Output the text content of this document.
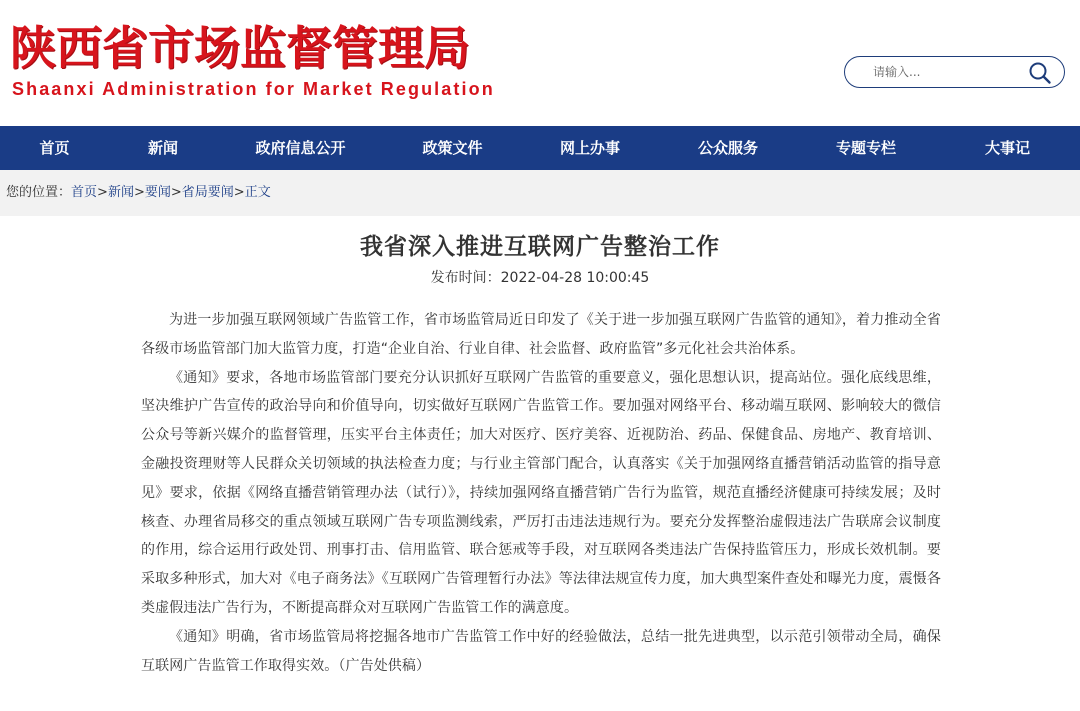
陕西省市场监督管理局
Shaanxi Administration for Market Regulation
请输入...
首页	新闻	政府信息公开	政策文件	网上办事	公众服务	专题专栏	大事记
您的位置：首页>新闻>要闻>省局要闻>正文
我省深入推进互联网广告整治工作
发布时间：2022-04-28 10:00:45

为进一步加强互联网领域广告监管工作，省市场监管局近日印发了《关于进一步加强互联网广告监管的通知》，着力推动全省各级市场监管部门加大监管力度，打造“企业自治、行业自律、社会监督、政府监管”多元化社会共治体系。

《通知》要求，各地市场监管部门要充分认识抓好互联网广告监管的重要意义，强化思想认识，提高站位。强化底线思维，坚决维护广告宣传的政治导向和价值导向，切实做好互联网广告监管工作。要加强对网络平台、移动端互联网、影响较大的微信公众号等新兴媒介的监督管理，压实平台主体责任；加大对医疗、医疗美容、近视防治、药品、保健食品、房地产、教育培训、金融投资理财等人民群众关切领域的执法检查力度；与行业主管部门配合，认真落实《关于加强网络直播营销活动监管的指导意见》要求，依据《网络直播营销管理办法（试行）》，持续加强网络直播营销广告行为监管，规范直播经济健康可持续发展；及时核查、办理省局移交的重点领域互联网广告专项监测线索，严厉打击违法违规行为。要充分发挥整治虚假违法广告联席会议制度的作用，综合运用行政处罚、刑事打击、信用监管、联合惩戒等手段，对互联网各类违法广告保持监管压力，形成长效机制。要采取多种形式，加大对《电子商务法》《互联网广告管理暂行办法》等法律法规宣传力度，加大典型案件查处和曝光力度，震慑各类虚假违法广告行为，不断提高群众对互联网广告监管工作的满意度。

《通知》明确，省市场监管局将挖掘各地市广告监管工作中好的经验做法，总结一批先进典型，以示范引领带动全局，确保互联网广告监管工作取得实效。（广告处供稿）
